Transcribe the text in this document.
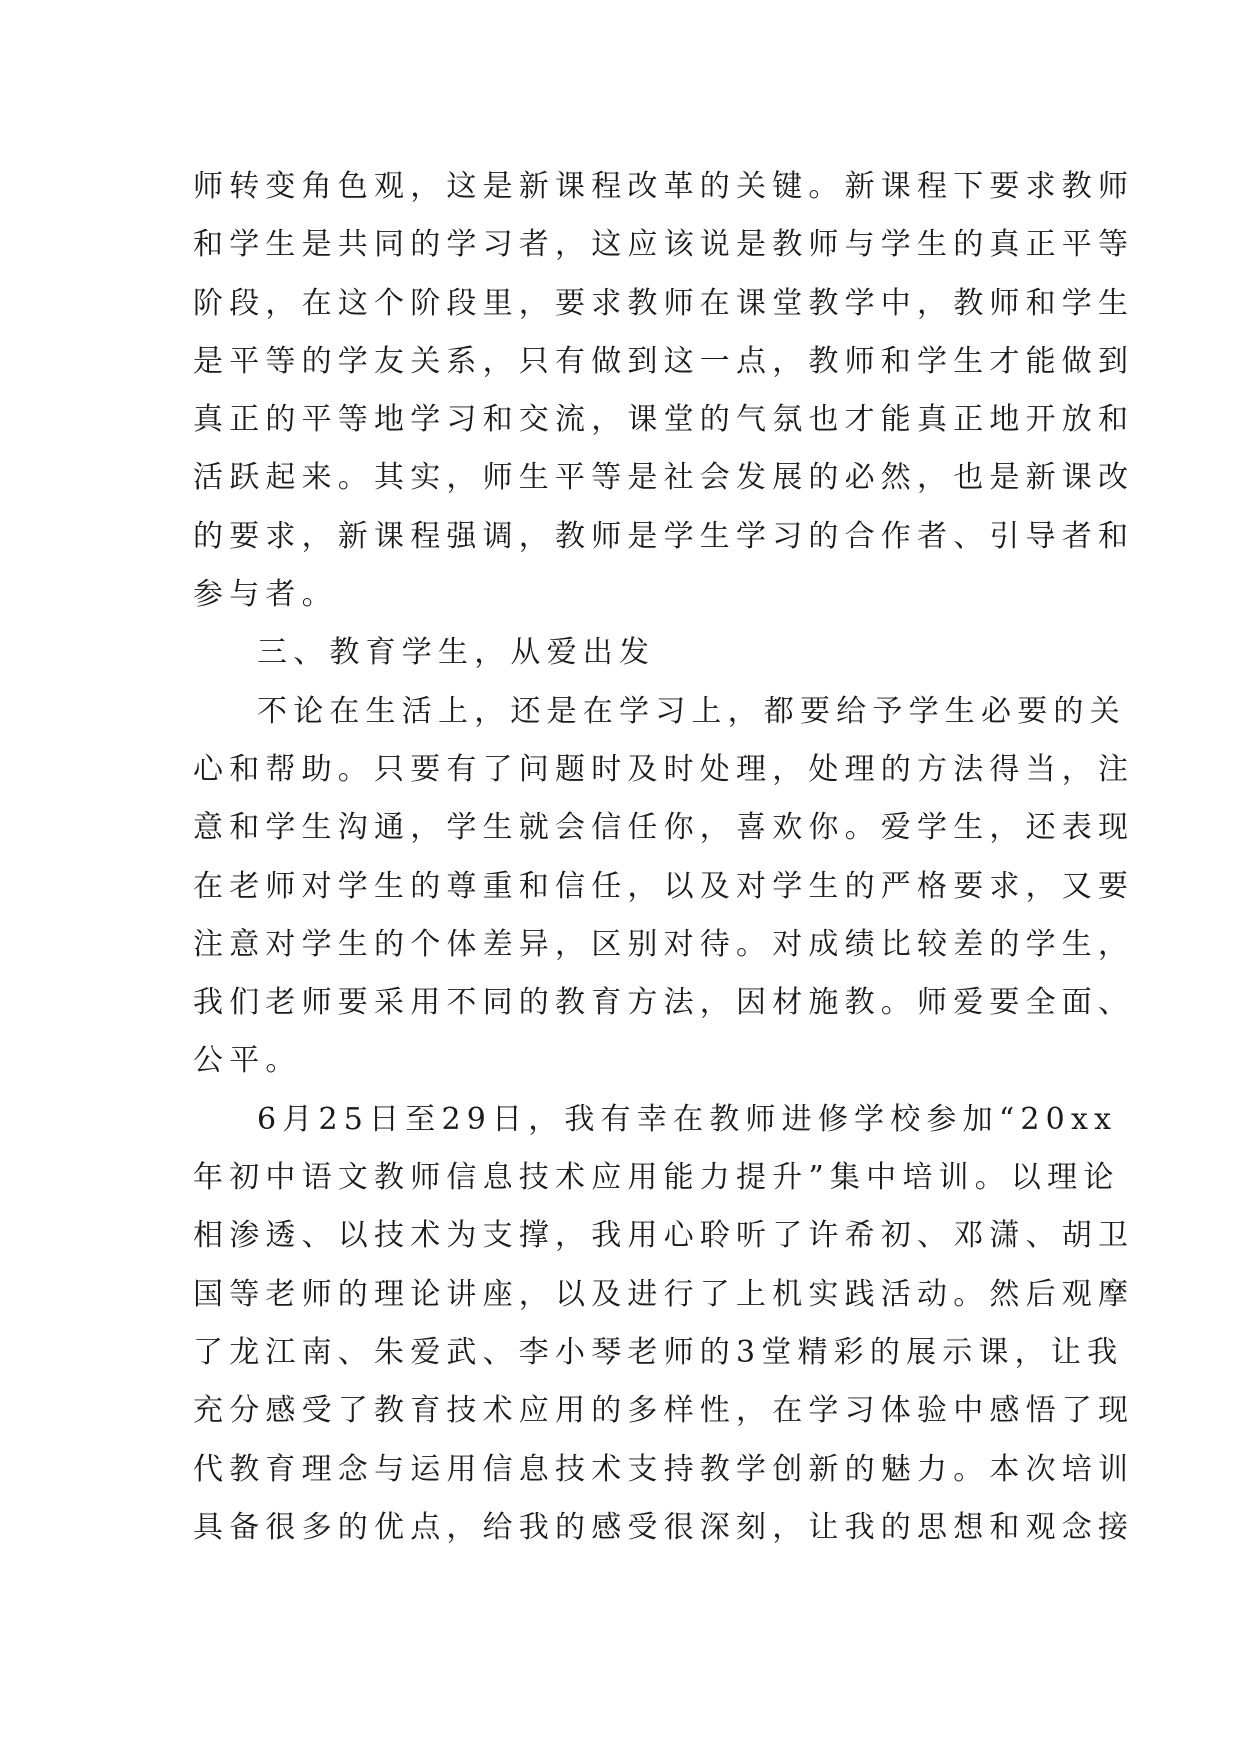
师转变角色观，这是新课程改革的关键。新课程下要求教师
和学生是共同的学习者，这应该说是教师与学生的真正平等
阶段，在这个阶段里，要求教师在课堂教学中，教师和学生
是平等的学友关系，只有做到这一点，教师和学生才能做到
真正的平等地学习和交流，课堂的气氛也才能真正地开放和
活跃起来。其实，师生平等是社会发展的必然，也是新课改
的要求，新课程强调，教师是学生学习的合作者、引导者和
参与者。
三、教育学生，从爱出发
不论在生活上，还是在学习上，都要给予学生必要的关
心和帮助。只要有了问题时及时处理，处理的方法得当，注
意和学生沟通，学生就会信任你，喜欢你。爱学生，还表现
在老师对学生的尊重和信任，以及对学生的严格要求，又要
注意对学生的个体差异，区别对待。对成绩比较差的学生，
我们老师要采用不同的教育方法，因材施教。师爱要全面、
公平。
6月25日至29日，我有幸在教师进修学校参加“20xx
年初中语文教师信息技术应用能力提升”集中培训。以理论
相渗透、以技术为支撑，我用心聆听了许希初、邓潇、胡卫
国等老师的理论讲座，以及进行了上机实践活动。然后观摩
了龙江南、朱爱武、李小琴老师的3堂精彩的展示课，让我
充分感受了教育技术应用的多样性，在学习体验中感悟了现
代教育理念与运用信息技术支持教学创新的魅力。本次培训
具备很多的优点，给我的感受很深刻，让我的思想和观念接
